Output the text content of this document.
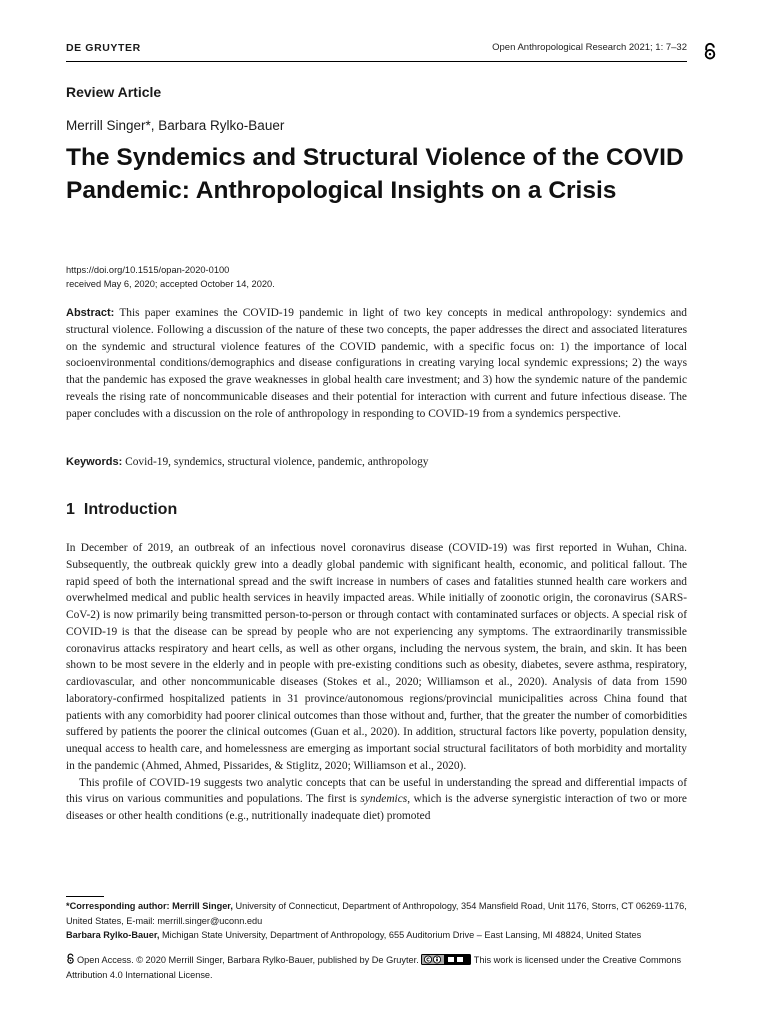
DE GRUYTER	Open Anthropological Research 2021; 1: 7–32
Review Article
Merrill Singer*, Barbara Rylko-Bauer
The Syndemics and Structural Violence of the COVID Pandemic: Anthropological Insights on a Crisis
https://doi.org/10.1515/opan-2020-0100
received May 6, 2020; accepted October 14, 2020.

Abstract: This paper examines the COVID-19 pandemic in light of two key concepts in medical anthropology: syndemics and structural violence. Following a discussion of the nature of these two concepts, the paper addresses the direct and associated literatures on the syndemic and structural violence features of the COVID pandemic, with a specific focus on: 1) the importance of local socioenvironmental conditions/demographics and disease configurations in creating varying local syndemic expressions; 2) the ways that the pandemic has exposed the grave weaknesses in global health care investment; and 3) how the syndemic nature of the pandemic reveals the rising rate of noncommunicable diseases and their potential for interaction with current and future infectious disease. The paper concludes with a discussion on the role of anthropology in responding to COVID-19 from a syndemics perspective.

Keywords: Covid-19, syndemics, structural violence, pandemic, anthropology
1 Introduction

In December of 2019, an outbreak of an infectious novel coronavirus disease (COVID-19) was first reported in Wuhan, China. Subsequently, the outbreak quickly grew into a deadly global pandemic with significant health, economic, and political fallout. The rapid speed of both the international spread and the swift increase in numbers of cases and fatalities stunned health care workers and overwhelmed medical and public health services in heavily impacted areas. While initially of zoonotic origin, the coronavirus (SARS-CoV-2) is now primarily being transmitted person-to-person or through contact with contaminated surfaces or objects. A special risk of COVID-19 is that the disease can be spread by people who are not experiencing any symptoms. The extraordinarily transmissible coronavirus attacks respiratory and heart cells, as well as other organs, including the nervous system, the brain, and skin. It has been shown to be most severe in the elderly and in people with pre-existing conditions such as obesity, diabetes, severe asthma, respiratory, cardiovascular, and other noncommunicable diseases (Stokes et al., 2020; Williamson et al., 2020). Analysis of data from 1590 laboratory-confirmed hospitalized patients in 31 province/autonomous regions/provincial municipalities across China found that patients with any comorbidity had poorer clinical outcomes than those without and, further, that the greater the number of comorbidities suffered by patients the poorer the clinical outcomes (Guan et al., 2020). In addition, structural factors like poverty, population density, unequal access to health care, and homelessness are emerging as important social structural facilitators of both morbidity and mortality in the pandemic (Ahmed, Ahmed, Pissarides, & Stiglitz, 2020; Williamson et al., 2020).

This profile of COVID-19 suggests two analytic concepts that can be useful in understanding the spread and differential impacts of this virus on various communities and populations. The first is syndemics, which is the adverse synergistic interaction of two or more diseases or other health conditions (e.g., nutritionally inadequate diet) promoted

*Corresponding author: Merrill Singer, University of Connecticut, Department of Anthropology, 354 Mansfield Road, Unit 1176, Storrs, CT 06269-1176, United States, E-mail: merrill.singer@uconn.edu

Barbara Rylko-Bauer, Michigan State University, Department of Anthropology, 655 Auditorium Drive – East Lansing, MI 48824, United States

Open Access. © 2020 Merrill Singer, Barbara Rylko-Bauer, published by De Gruyter.	This work is licensed under the Creative Commons Attribution 4.0 International License.
